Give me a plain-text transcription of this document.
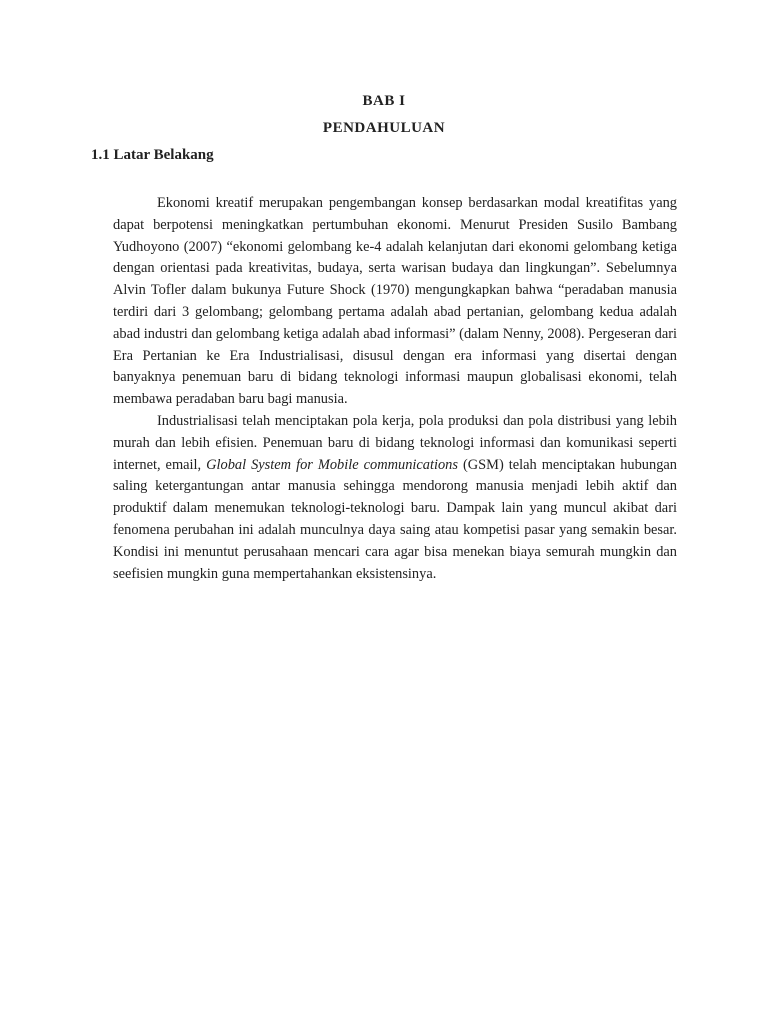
BAB I
PENDAHULUAN
1.1 Latar Belakang

Ekonomi kreatif merupakan pengembangan konsep berdasarkan modal kreatifitas yang dapat berpotensi meningkatkan pertumbuhan ekonomi. Menurut Presiden Susilo Bambang Yudhoyono (2007) “ekonomi gelombang ke-4 adalah kelanjutan dari ekonomi gelombang ketiga dengan orientasi pada kreativitas, budaya, serta warisan budaya dan lingkungan”. Sebelumnya Alvin Tofler dalam bukunya Future Shock (1970) mengungkapkan bahwa “peradaban manusia terdiri dari 3 gelombang; gelombang pertama adalah abad pertanian, gelombang kedua adalah abad industri dan gelombang ketiga adalah abad informasi” (dalam Nenny, 2008). Pergeseran dari Era Pertanian ke Era Industrialisasi, disusul dengan era informasi yang disertai dengan banyaknya penemuan baru di bidang teknologi informasi maupun globalisasi ekonomi, telah membawa peradaban baru bagi manusia.

Industrialisasi telah menciptakan pola kerja, pola produksi dan pola distribusi yang lebih murah dan lebih efisien. Penemuan baru di bidang teknologi informasi dan komunikasi seperti internet, email, Global System for Mobile communications (GSM) telah menciptakan hubungan saling ketergantungan antar manusia sehingga mendorong manusia menjadi lebih aktif dan produktif dalam menemukan teknologi-teknologi baru. Dampak lain yang muncul akibat dari fenomena perubahan ini adalah munculnya daya saing atau kompetisi pasar yang semakin besar. Kondisi ini menuntut perusahaan mencari cara agar bisa menekan biaya semurah mungkin dan seefisien mungkin guna mempertahankan eksistensinya.
